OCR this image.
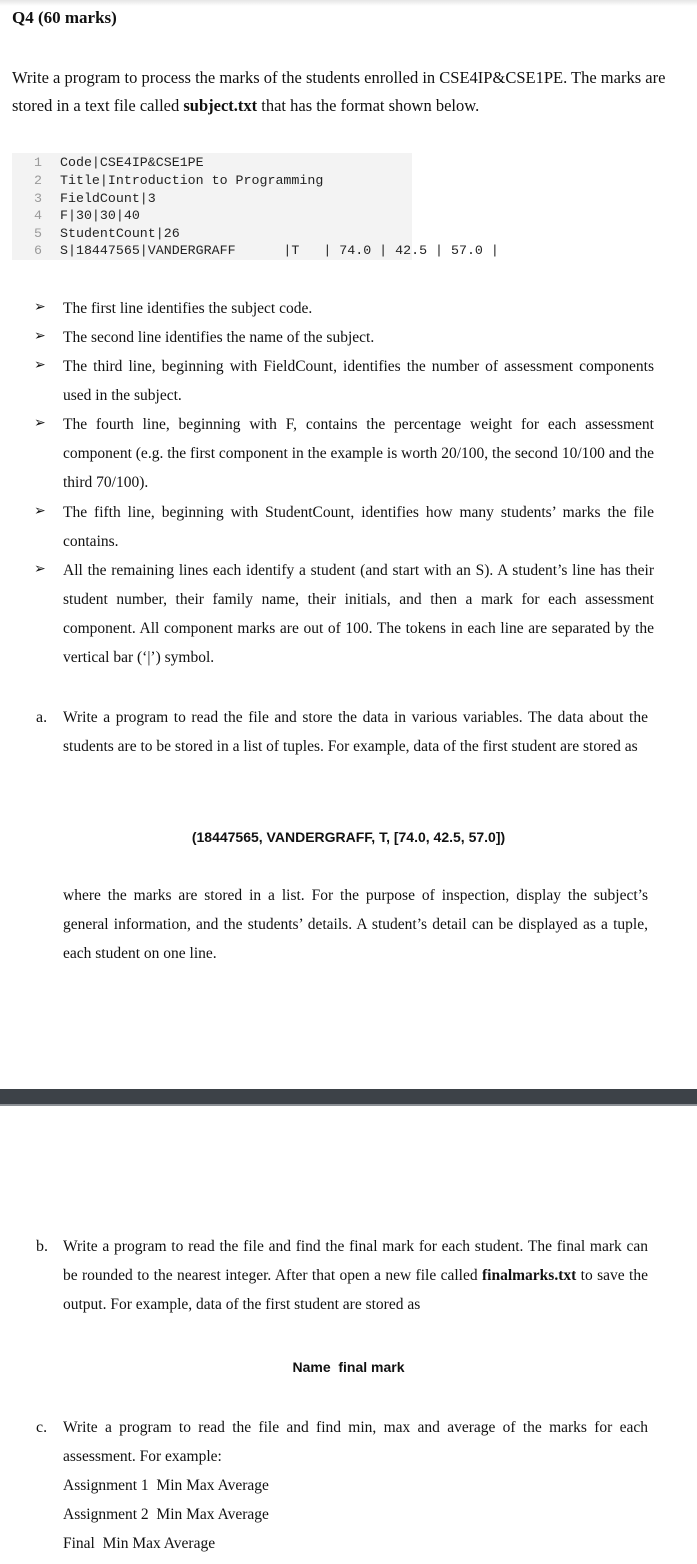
Q4 (60 marks)
Write a program to process the marks of the students enrolled in CSE4IP&CSE1PE. The marks are stored in a text file called subject.txt that has the format shown below.
1 Code|CSE4IP&CSE1PE
2 Title|Introduction to Programming
3 FieldCount|3
4 F|30|30|40
5 StudentCount|26
6 S|18447565|VANDERGRAFF      |T   | 74.0 | 42.5 | 57.0 |
➢ The first line identifies the subject code.
➢ The second line identifies the name of the subject.
➢ The third line, beginning with FieldCount, identifies the number of assessment components used in the subject.
➢ The fourth line, beginning with F, contains the percentage weight for each assessment component (e.g. the first component in the example is worth 20/100, the second 10/100 and the third 70/100).
➢ The fifth line, beginning with StudentCount, identifies how many students’ marks the file contains.
➢ All the remaining lines each identify a student (and start with an S). A student’s line has their student number, their family name, their initials, and then a mark for each assessment component. All component marks are out of 100. The tokens in each line are separated by the vertical bar (‘|’) symbol.
a. Write a program to read the file and store the data in various variables. The data about the students are to be stored in a list of tuples. For example, data of the first student are stored as
(18447565, VANDERGRAFF, T, [74.0, 42.5, 57.0])
where the marks are stored in a list. For the purpose of inspection, display the subject’s general information, and the students’ details. A student’s detail can be displayed as a tuple, each student on one line.
b. Write a program to read the file and find the final mark for each student. The final mark can be rounded to the nearest integer. After that open a new file called finalmarks.txt to save the output. For example, data of the first student are stored as
Name  final mark
c. Write a program to read the file and find min, max and average of the marks for each assessment. For example:
Assignment 1  Min Max Average
Assignment 2  Min Max Average
Final  Min Max Average
